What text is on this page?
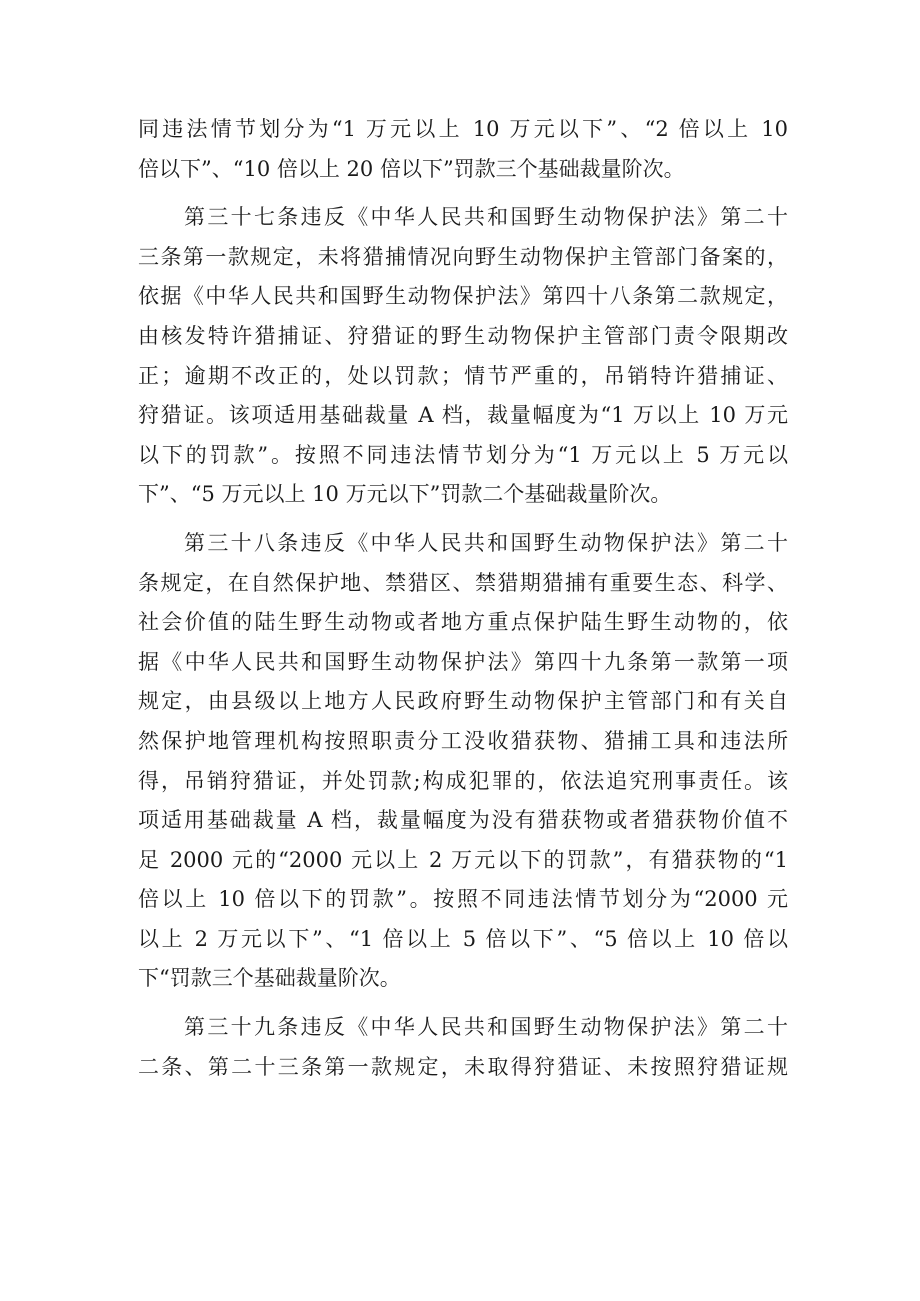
同违法情节划分为“1 万元以上 10 万元以下”、“2 倍以上 10
倍以下”、“10 倍以上 20 倍以下”罚款三个基础裁量阶次。
第三十七条违反《中华人民共和国野生动物保护法》第二十
三条第一款规定，未将猎捕情况向野生动物保护主管部门备案的，
依据《中华人民共和国野生动物保护法》第四十八条第二款规定，
由核发特许猎捕证、狩猎证的野生动物保护主管部门责令限期改
正；逾期不改正的，处以罚款；情节严重的，吊销特许猎捕证、
狩猎证。该项适用基础裁量 A 档，裁量幅度为“1 万以上 10 万元
以下的罚款”。按照不同违法情节划分为“1 万元以上 5 万元以
下”、“5 万元以上 10 万元以下”罚款二个基础裁量阶次。
第三十八条违反《中华人民共和国野生动物保护法》第二十
条规定，在自然保护地、禁猎区、禁猎期猎捕有重要生态、科学、
社会价值的陆生野生动物或者地方重点保护陆生野生动物的，依
据《中华人民共和国野生动物保护法》第四十九条第一款第一项
规定，由县级以上地方人民政府野生动物保护主管部门和有关自
然保护地管理机构按照职责分工没收猎获物、猎捕工具和违法所
得，吊销狩猎证，并处罚款;构成犯罪的，依法追究刑事责任。该
项适用基础裁量 A 档，裁量幅度为没有猎获物或者猎获物价值不
足 2000 元的“2000 元以上 2 万元以下的罚款”，有猎获物的“1
倍以上 10 倍以下的罚款”。按照不同违法情节划分为“2000 元
以上 2 万元以下”、“1 倍以上 5 倍以下”、“5 倍以上 10 倍以
下“罚款三个基础裁量阶次。
第三十九条违反《中华人民共和国野生动物保护法》第二十
二条、第二十三条第一款规定，未取得狩猎证、未按照狩猎证规
